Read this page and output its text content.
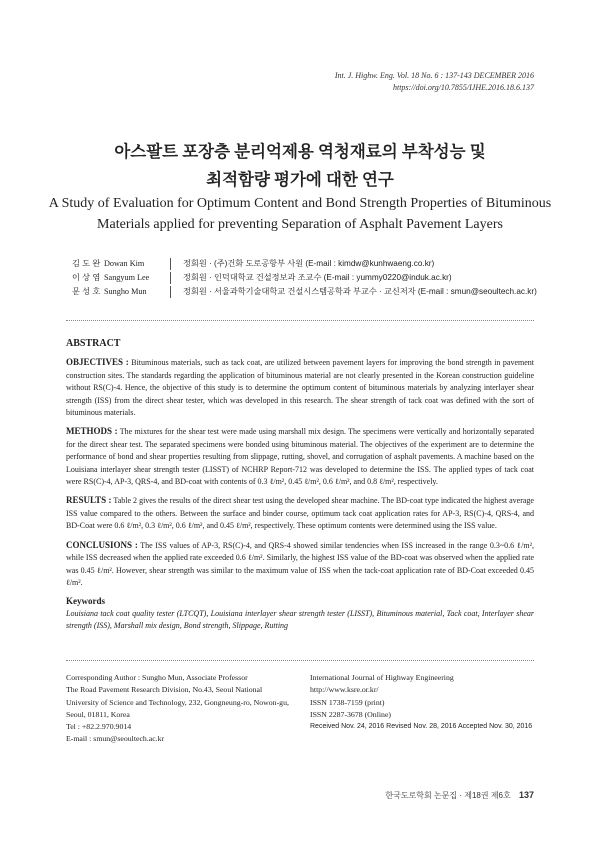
Int. J. Highw. Eng. Vol. 18 No. 6 : 137-143 DECEMBER 2016
https://doi.org/10.7855/IJHE.2016.18.6.137
아스팔트 포장층 분리억제용 역청재료의 부착성능 및
최적함량 평가에 대한 연구
A Study of Evaluation for Optimum Content and Bond Strength Properties of Bituminous
Materials applied for preventing Separation of Asphalt Pavement Layers
김 도 완 Dowan Kim	정회원 · (주)건화 도로공항부 사원 (E-mail : kimdw@kunhwaeng.co.kr)
이 상 염 Sangyum Lee	정회원 · 인덕대학교 건설정보과 조교수 (E-mail : yummy0220@induk.ac.kr)
문 성 호 Sungho Mun	정회원 · 서울과학기술대학교 건설시스템공학과 부교수 · 교신저자 (E-mail : smun@seoultech.ac.kr)
ABSTRACT

OBJECTIVES : Bituminous materials, such as tack coat, are utilized between pavement layers for improving the bond strength in pavement construction sites. The standards regarding the application of bituminous material are not clearly presented in the Korean construction guideline without RS(C)-4. Hence, the objective of this study is to determine the optimum content of bituminous materials by analyzing interlayer shear strength (ISS) from the direct shear tester, which was developed in this research. The shear strength of tack coat was defined with the sort of bituminous materials.

METHODS : The mixtures for the shear test were made using marshall mix design. The specimens were vertically and horizontally separated for the direct shear test. The separated specimens were bonded using bituminous material. The objectives of the experiment are to determine the performance of bond and shear properties resulting from slippage, rutting, shovel, and corrugation of asphalt pavements. A machine based on the Louisiana interlayer shear strength tester (LISST) of NCHRP Report-712 was developed to determine the ISS. The applied types of tack coat were RS(C)-4, AP-3, QRS-4, and BD-coat with contents of 0.3 ℓ/m², 0.45 ℓ/m², 0.6 ℓ/m², and 0.8 ℓ/m², respectively.

RESULTS : Table 2 gives the results of the direct shear test using the developed shear machine. The BD-coat type indicated the highest average ISS value compared to the others. Between the surface and binder course, optimum tack coat application rates for AP-3, RS(C)-4, QRS-4, and BD-Coat were 0.6 ℓ/m², 0.3 ℓ/m², 0.6 ℓ/m², and 0.45 ℓ/m², respectively. These optimum contents were determined using the ISS value.

CONCLUSIONS : The ISS values of AP-3, RS(C)-4, and QRS-4 showed similar tendencies when ISS increased in the range 0.3~0.6 ℓ/m², while ISS decreased when the applied rate exceeded 0.6 ℓ/m². Similarly, the highest ISS value of the BD-coat was observed when the applied rate was 0.45 ℓ/m². However, shear strength was similar to the maximum value of ISS when the tack-coat application rate of BD-Coat exceeded 0.45 ℓ/m².

Keywords
Louisiana tack coat quality tester (LTCQT), Louisiana interlayer shear strength tester (LISST), Bituminous material, Tack coat, Interlayer shear strength (ISS), Marshall mix design, Bond strength, Slippage, Rutting
Corresponding Author : Sungho Mun, Associate Professor
The Road Pavement Research Division, No.43, Seoul National
University of Science and Technology, 232, Gongneung-ro, Nowon-gu,
Seoul, 01811, Korea
Tel : +82.2.970.9014
E-mail : smun@seoultech.ac.kr
International Journal of Highway Engineering
http://www.ksre.or.kr/
ISSN 1738-7159 (print)
ISSN 2287-3678 (Online)
Received Nov. 24, 2016 Revised Nov. 28, 2016 Accepted Nov. 30, 2016
한국도로학회 논문집 · 제18권 제6호 137
